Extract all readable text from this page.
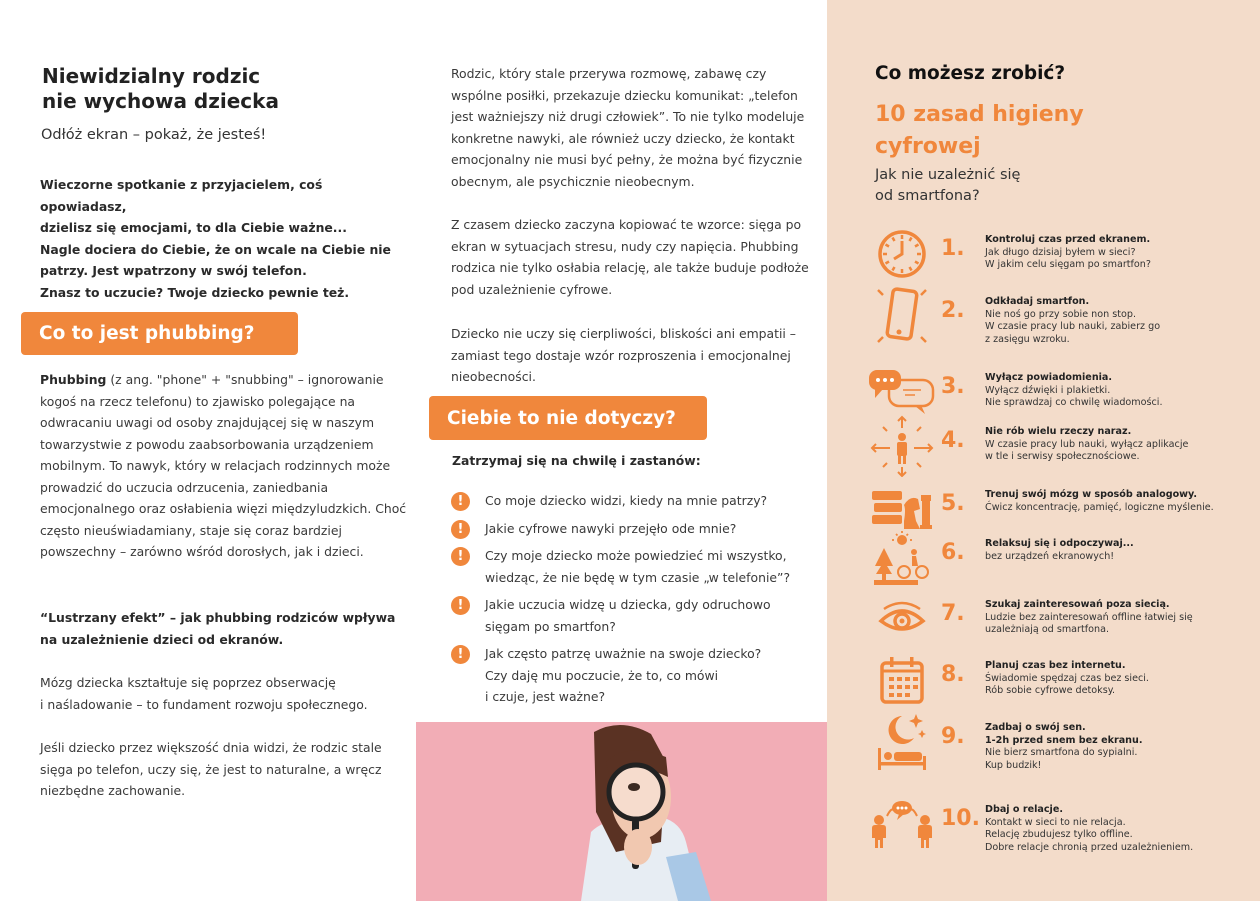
Niewidzialny rodzic
nie wychowa dziecka
Odłóż ekran – pokaż, że jesteś!
Wieczorne spotkanie z przyjacielem, coś opowiadasz,
dzielisz się emocjami, to dla Ciebie ważne...
Nagle dociera do Ciebie, że on wcale na Ciebie nie
patrzy. Jest wpatrzony w swój telefon.
Znasz to uczucie? Twoje dziecko pewnie też.
Co to jest phubbing?
Phubbing (z ang. "phone" + "snubbing" – ignorowanie kogoś na rzecz telefonu) to zjawisko polegające na odwracaniu uwagi od osoby znajdującej się w naszym towarzystwie z powodu zaabsorbowania urządzeniem mobilnym. To nawyk, który w relacjach rodzinnych może prowadzić do uczucia odrzucenia, zaniedbania emocjonalnego oraz osłabienia więzi międzyludzkich. Choć często nieuświadamiany, staje się coraz bardziej powszechny – zarówno wśród dorosłych, jak i dzieci.
“Lustrzany efekt” – jak phubbing rodziców wpływa na uzależnienie dzieci od ekranów.
Mózg dziecka kształtuje się poprzez obserwację
i naśladowanie – to fundament rozwoju społecznego.
Jeśli dziecko przez większość dnia widzi, że rodzic stale sięga po telefon, uczy się, że jest to naturalne, a wręcz niezbędne zachowanie.
Rodzic, który stale przerywa rozmowę, zabawę czy wspólne posiłki, przekazuje dziecku komunikat: „telefon jest ważniejszy niż drugi człowiek”. To nie tylko modeluje konkretne nawyki, ale również uczy dziecko, że kontakt emocjonalny nie musi być pełny, że można być fizycznie obecnym, ale psychicznie nieobecnym.
Z czasem dziecko zaczyna kopiować te wzorce: sięga po ekran w sytuacjach stresu, nudy czy napięcia. Phubbing rodzica nie tylko osłabia relację, ale także buduje podłoże pod uzależnienie cyfrowe.
Dziecko nie uczy się cierpliwości, bliskości ani empatii – zamiast tego dostaje wzór rozproszenia i emocjonalnej nieobecności.
Ciebie to nie dotyczy?
Zatrzymaj się na chwilę i zastanów:
!	Co moje dziecko widzi, kiedy na mnie patrzy?
!	Jakie cyfrowe nawyki przejęło ode mnie?
!	Czy moje dziecko może powiedzieć mi wszystko,
wiedząc, że nie będę w tym czasie „w telefonie”?
!	Jakie uczucia widzę u dziecka, gdy odruchowo
sięgam po smartfon?
!	Jak często patrzę uważnie na swoje dziecko?
Czy daję mu poczucie, że to, co mówi
i czuje, jest ważne?
Co możesz zrobić?
10 zasad higieny
cyfrowej
Jak nie uzależnić się
od smartfona?
1.	Kontroluj czas przed ekranem.
Jak długo dzisiaj byłem w sieci?
W jakim celu sięgam po smartfon?
2.	Odkładaj smartfon.
Nie noś go przy sobie non stop.
W czasie pracy lub nauki, zabierz go
z zasięgu wzroku.
3.	Wyłącz powiadomienia.
Wyłącz dźwięki i plakietki.
Nie sprawdzaj co chwilę wiadomości.
4.	Nie rób wielu rzeczy naraz.
W czasie pracy lub nauki, wyłącz aplikacje
w tle i serwisy społecznościowe.
5.	Trenuj swój mózg w sposób analogowy.
Ćwicz koncentrację, pamięć, logiczne myślenie.
6.	Relaksuj się i odpoczywaj...
bez urządzeń ekranowych!
7.	Szukaj zainteresowań poza siecią.
Ludzie bez zainteresowań offline łatwiej się
uzależniają od smartfona.
8.	Planuj czas bez internetu.
Świadomie spędzaj czas bez sieci.
Rób sobie cyfrowe detoksy.
9.	Zadbaj o swój sen.
1-2h przed snem bez ekranu.
Nie bierz smartfona do sypialni.
Kup budzik!
10. Dbaj o relacje.
Kontakt w sieci to nie relacja.
Relację zbudujesz tylko offline.
Dobre relacje chronią przed uzależnieniem.
